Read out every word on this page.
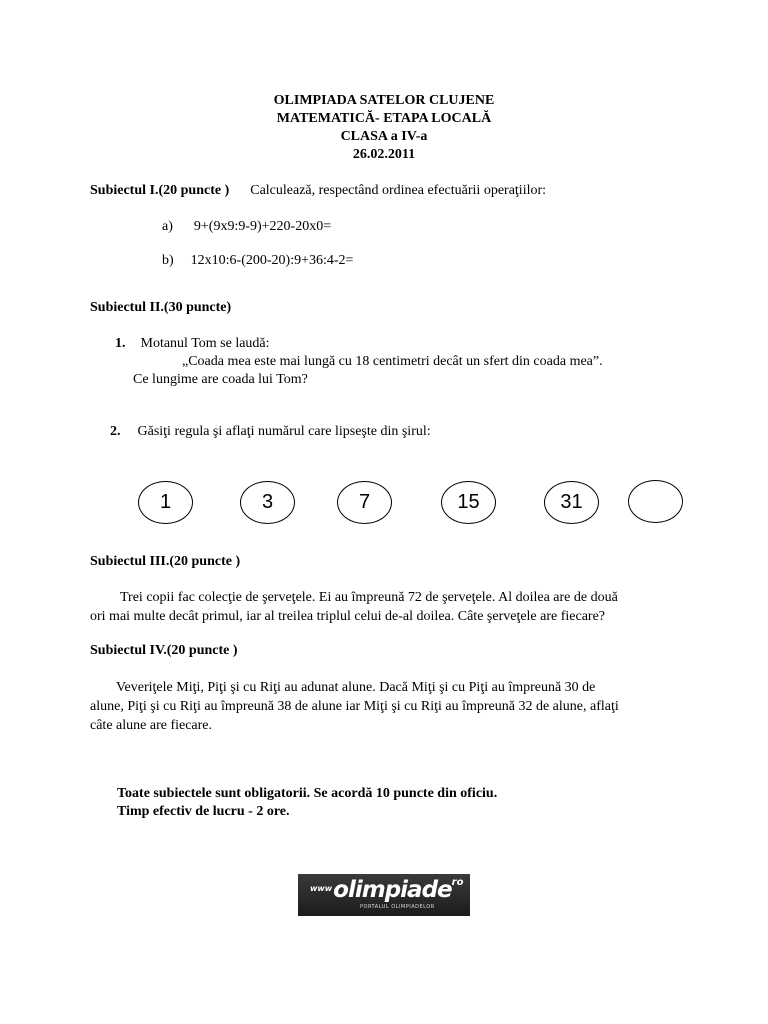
OLIMPIADA SATELOR CLUJENE
MATEMATICĂ- ETAPA LOCALĂ
CLASA a IV-a
26.02.2011
Subiectul I.(20 puncte ) Calculează, respectând ordinea efectuării operaţiilor:
a) 9+(9x9:9-9)+220-20x0=
b) 12x10:6-(200-20):9+36:4-2=
Subiectul II.(30 puncte)
1. Motanul Tom se laudă:
„Coada mea este mai lungă cu 18 centimetri decât un sfert din coada mea”.
Ce lungime are coada lui Tom?
2. Găsiţi regula şi aflaţi numărul care lipseşte din şirul:
1	3	7	15	31
Subiectul III.(20 puncte )
Trei copii fac colecţie de şerveţele. Ei au împreună 72 de şerveţele. Al doilea are de două
ori mai multe decât primul, iar al treilea triplul celui de-al doilea. Câte şerveţele are fiecare?
Subiectul IV.(20 puncte )
Veveriţele Miţi, Piţi şi cu Riţi au adunat alune. Dacă Miţi şi cu Piţi au împreună 30 de
alune, Piţi şi cu Riţi au împreună 38 de alune iar Miţi şi cu Riţi au împreună 32 de alune, aflaţi
câte alune are fiecare.
Toate subiectele sunt obligatorii. Se acordă 10 puncte din oficiu.
Timp efectiv de lucru - 2 ore.
$^{www}$olimpiade$^{ro}$
PORTALUL OLIMPIADELOR
